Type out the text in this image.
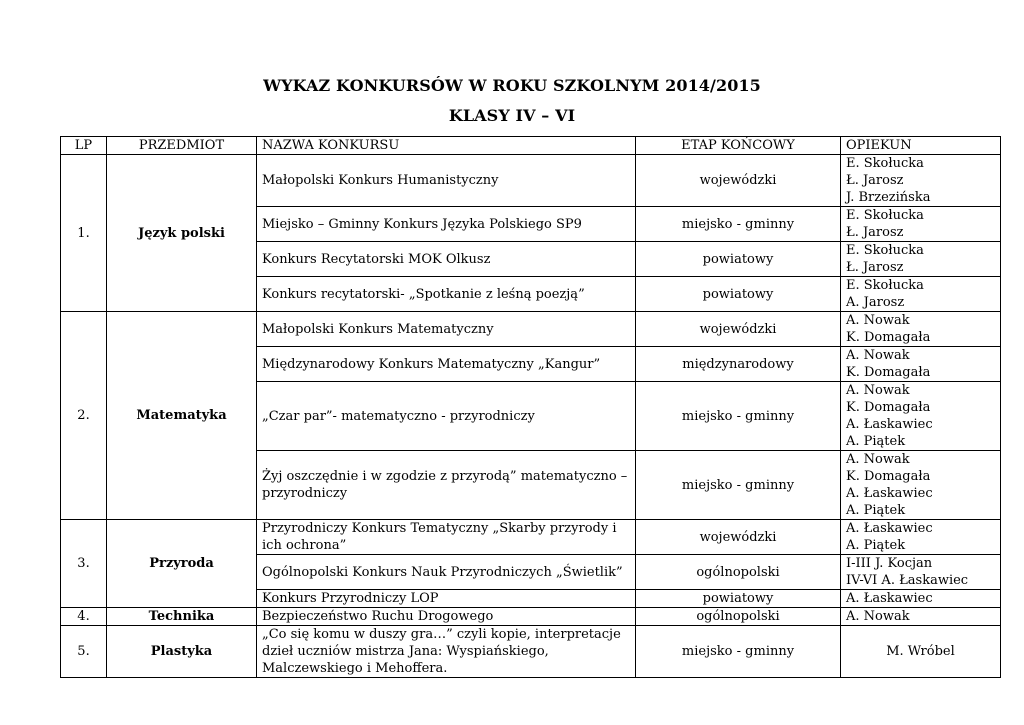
WYKAZ KONKURSÓW W ROKU SZKOLNYM 2014/2015
KLASY IV – VI
LP	PRZEDMIOT	NAZWA KONKURSU	ETAP KOŃCOWY	OPIEKUN
1.	Język polski	Małopolski Konkurs Humanistyczny	wojewódzki	E. Skołucka
Ł. Jarosz
J. Brzezińska

		Miejsko – Gminny Konkurs Języka Polskiego SP9	miejsko - gminny	E. Skołucka
Ł. Jarosz

		Konkurs Recytatorski MOK Olkusz	powiatowy	E. Skołucka
Ł. Jarosz

		Konkurs recytatorski- „Spotkanie z leśną poezją”	powiatowy	E. Skołucka
A. Jarosz

2.	Matematyka	Małopolski Konkurs Matematyczny	wojewódzki	A. Nowak
K. Domagała

		Międzynarodowy Konkurs Matematyczny „Kangur”	międzynarodowy	A. Nowak
K. Domagała

		„Czar par”- matematyczno - przyrodniczy	miejsko - gminny	A. Nowak
K. Domagała
A. Łaskawiec
A. Piątek

		Żyj oszczędnie i w zgodzie z przyrodą” matematyczno – przyrodniczy	miejsko - gminny	A. Nowak
K. Domagała
A. Łaskawiec
A. Piątek

3.	Przyroda	Przyrodniczy Konkurs Tematyczny „Skarby przyrody i ich ochrona”	wojewódzki	A. Łaskawiec
A. Piątek

		Ogólnopolski Konkurs Nauk Przyrodniczych „Świetlik”	ogólnopolski	I-III J. Kocjan
IV-VI A. Łaskawiec

		Konkurs Przyrodniczy LOP	powiatowy	A. Łaskawiec

4.	Technika	Bezpieczeństwo Ruchu Drogowego	ogólnopolski	A. Nowak

5.	Plastyka	„Co się komu w duszy gra…” czyli kopie, interpretacje dzieł uczniów mistrza Jana: Wyspiańskiego, Malczewskiego i Mehoffera.	miejsko - gminny	M. Wróbel
